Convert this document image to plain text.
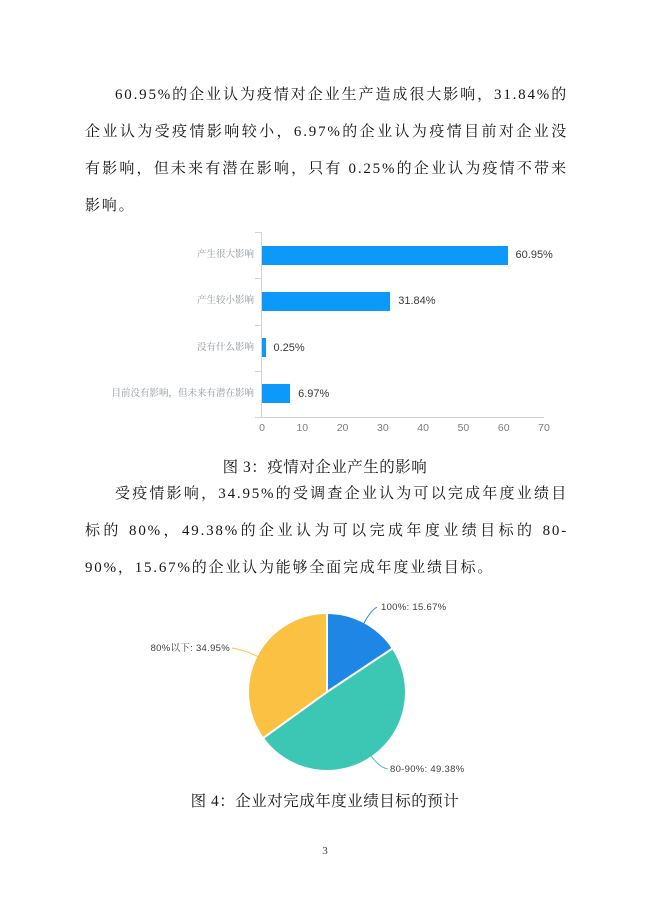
60.95%的企业认为疫情对企业生产造成很大影响，31.84%的企业认为受疫情影响较小，6.97%的企业认为疫情目前对企业没有影响，但未来有潜在影响，只有 0.25%的企业认为疫情不带来影响。

产生很大影响
产生较小影响
没有什么影响
目前没有影响，但未来有潜在影响
60.95%
31.84%
0.25%
6.97%
0	10	20	30	40	50	60	70
图 3：疫情对企业产生的影响

受疫情影响，34.95%的受调查企业认为可以完成年度业绩目标的 80%，49.38%的企业认为可以完成年度业绩目标的 80-90%，15.67%的企业认为能够全面完成年度业绩目标。

100%: 15.67%
80-90%: 49.38%
80%以下: 34.95%
图 4：企业对完成年度业绩目标的预计
3
